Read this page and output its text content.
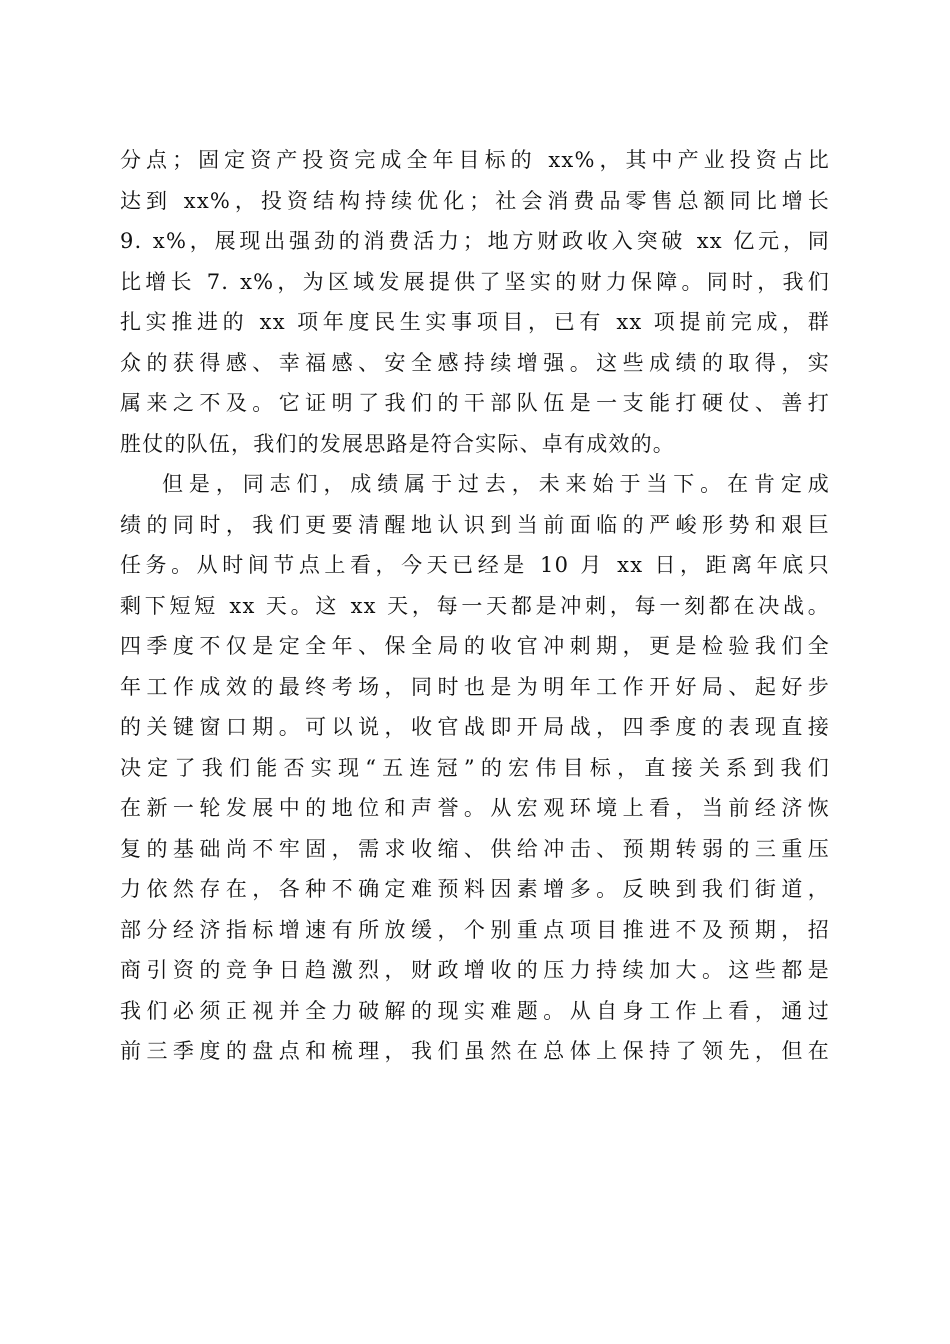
分点；固定资产投资完成全年目标的 xx%，其中产业投资占比
达到 xx%，投资结构持续优化；社会消费品零售总额同比增长
9. x%，展现出强劲的消费活力；地方财政收入突破 xx 亿元，同
比增长 7. x%，为区域发展提供了坚实的财力保障。同时，我们
扎实推进的 xx 项年度民生实事项目，已有 xx 项提前完成，群
众的获得感、幸福感、安全感持续增强。这些成绩的取得，实
属来之不及。它证明了我们的干部队伍是一支能打硬仗、善打
胜仗的队伍，我们的发展思路是符合实际、卓有成效的。
但是，同志们，成绩属于过去，未来始于当下。在肯定成
绩的同时，我们更要清醒地认识到当前面临的严峻形势和艰巨
任务。从时间节点上看，今天已经是 10 月 xx 日，距离年底只
剩下短短 xx 天。这 xx 天，每一天都是冲刺，每一刻都在决战。
四季度不仅是定全年、保全局的收官冲刺期，更是检验我们全
年工作成效的最终考场，同时也是为明年工作开好局、起好步
的关键窗口期。可以说，收官战即开局战，四季度的表现直接
决定了我们能否实现“五连冠”的宏伟目标，直接关系到我们
在新一轮发展中的地位和声誉。从宏观环境上看，当前经济恢
复的基础尚不牢固，需求收缩、供给冲击、预期转弱的三重压
力依然存在，各种不确定难预料因素增多。反映到我们街道，
部分经济指标增速有所放缓，个别重点项目推进不及预期，招
商引资的竞争日趋激烈，财政增收的压力持续加大。这些都是
我们必须正视并全力破解的现实难题。从自身工作上看，通过
前三季度的盘点和梳理，我们虽然在总体上保持了领先，但在
